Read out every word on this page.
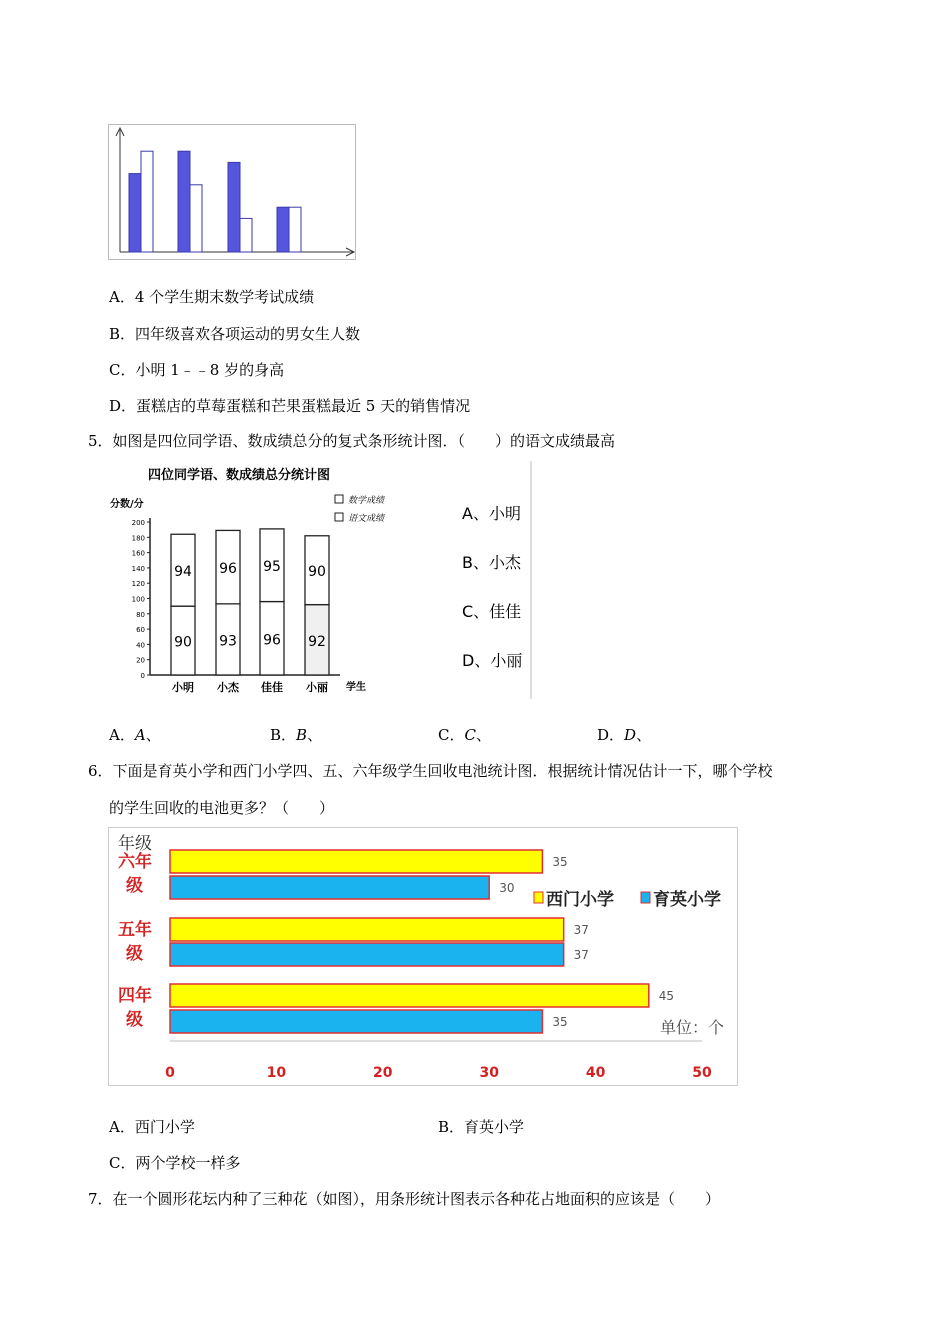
A．4 个学生期末数学考试成绩
B．四年级喜欢各项运动的男女生人数
C．小明 1﹣﹣8 岁的身高
D．蛋糕店的草莓蛋糕和芒果蛋糕最近 5 天的销售情况
5．如图是四位同学语、数成绩总分的复式条形统计图．（　　）的语文成绩最高
四位同学语、数成绩总分统计图
分数/分	数学成绩
语文成绩
学生
0
20
40
60
80
100
120
140
160
180
200	A、小明
B、小杰
C、佳佳
D、小丽
90
94
小明
93
96
小杰
96
95
佳佳
92
90
小丽
A．A、	B．B、	C．C、	D．D、
6．下面是育英小学和西门小学四、五、六年级学生回收电池统计图．根据统计情况估计一下，哪个学校
的学生回收的电池更多？（　　）
年级
六年
级
五年
级
四年
级
西门小学 育英小学
单位：个
0	10	20	30	40	50
35
30
37
37
45
35
A．西门小学	B．育英小学
C．两个学校一样多
7．在一个圆形花坛内种了三种花（如图），用条形统计图表示各种花占地面积的应该是（　　）
